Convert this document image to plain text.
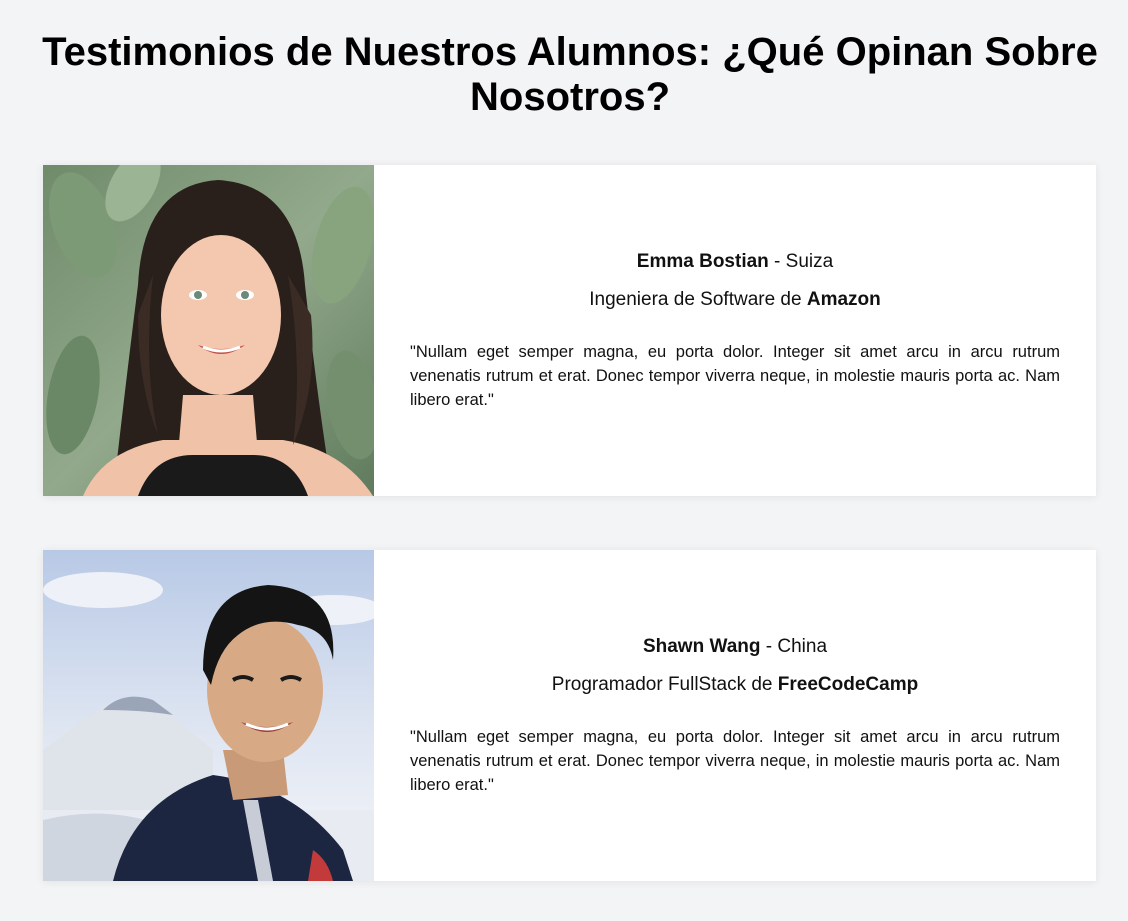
Testimonios de Nuestros Alumnos: ¿Qué Opinan Sobre Nosotros?

Emma Bostian - Suiza

Ingeniera de Software de Amazon

"Nullam eget semper magna, eu porta dolor. Integer sit amet arcu in arcu rutrum venenatis rutrum et erat. Donec tempor viverra neque, in molestie mauris porta ac. Nam libero erat."

Shawn Wang - China

Programador FullStack de FreeCodeCamp

"Nullam eget semper magna, eu porta dolor. Integer sit amet arcu in arcu rutrum venenatis rutrum et erat. Donec tempor viverra neque, in molestie mauris porta ac. Nam libero erat."
